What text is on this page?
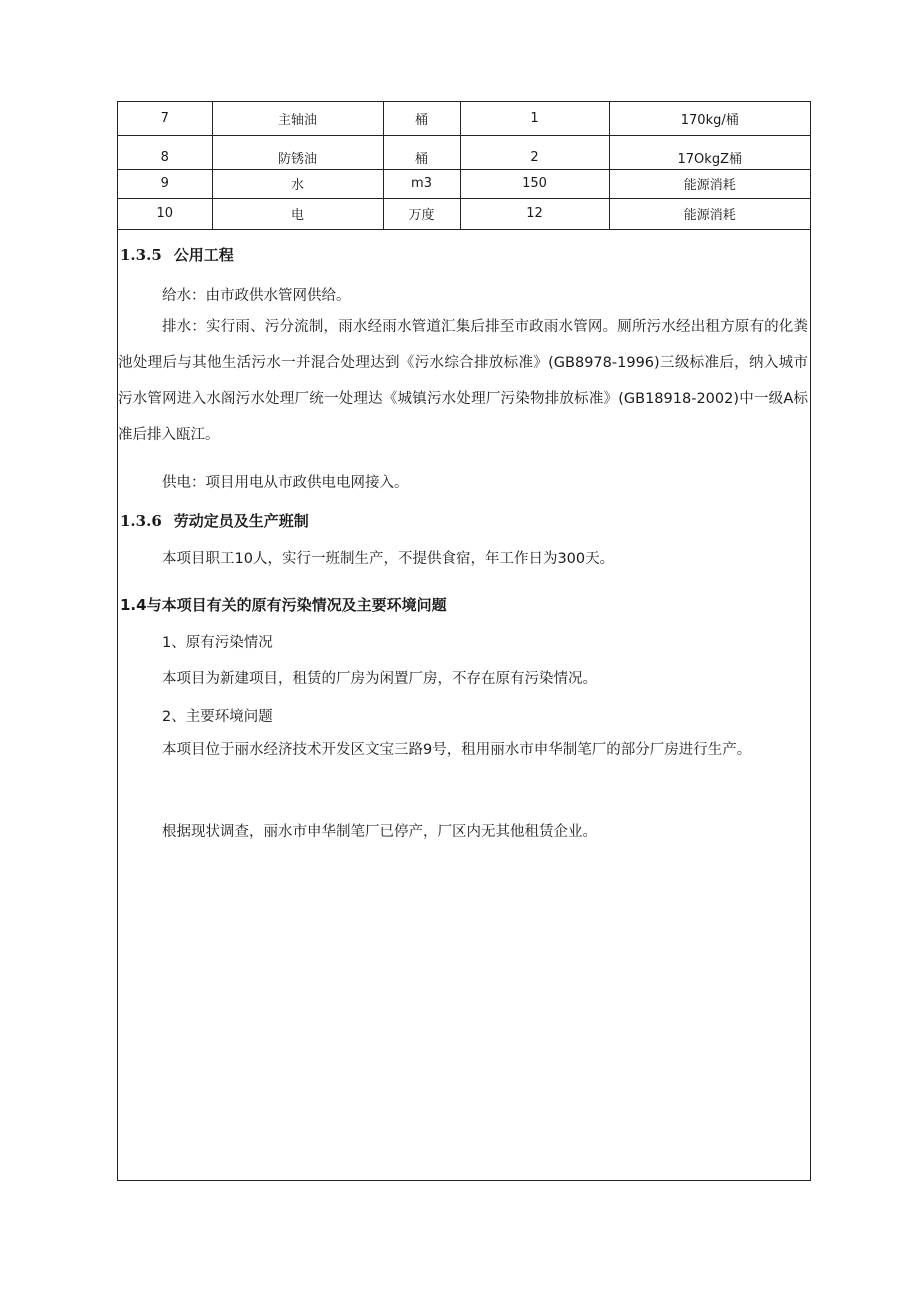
7	主轴油	桶	1	170kg/桶
8	防锈油	桶	2	17OkgZ桶
9	水	m3	150	能源消耗
10	电	万度	12	能源消耗
1.3.5 公用工程
给水：由市政供水管网供给。

排水：实行雨、污分流制，雨水经雨水管道汇集后排至市政雨水管网。厕所污水经出租方原有的化粪池处理后与其他生活污水一并混合处理达到《污水综合排放标准》(GB8978-1996)三级标准后，纳入城市污水管网进入水阁污水处理厂统一处理达《城镇污水处理厂污染物排放标准》(GB18918-2002)中一级A标准后排入瓯江。

供电：项目用电从市政供电电网接入。
1.3.6 劳动定员及生产班制
本项目职工10人，实行一班制生产，不提供食宿，年工作日为300天。
1.4与本项目有关的原有污染情况及主要环境问题
1、原有污染情况
本项目为新建项目，租赁的厂房为闲置厂房，不存在原有污染情况。
2、主要环境问题

本项目位于丽水经济技术开发区文宝三路9号，租用丽水市申华制笔厂的部分厂房进行生产。

根据现状调查，丽水市申华制笔厂已停产，厂区内无其他租赁企业。
